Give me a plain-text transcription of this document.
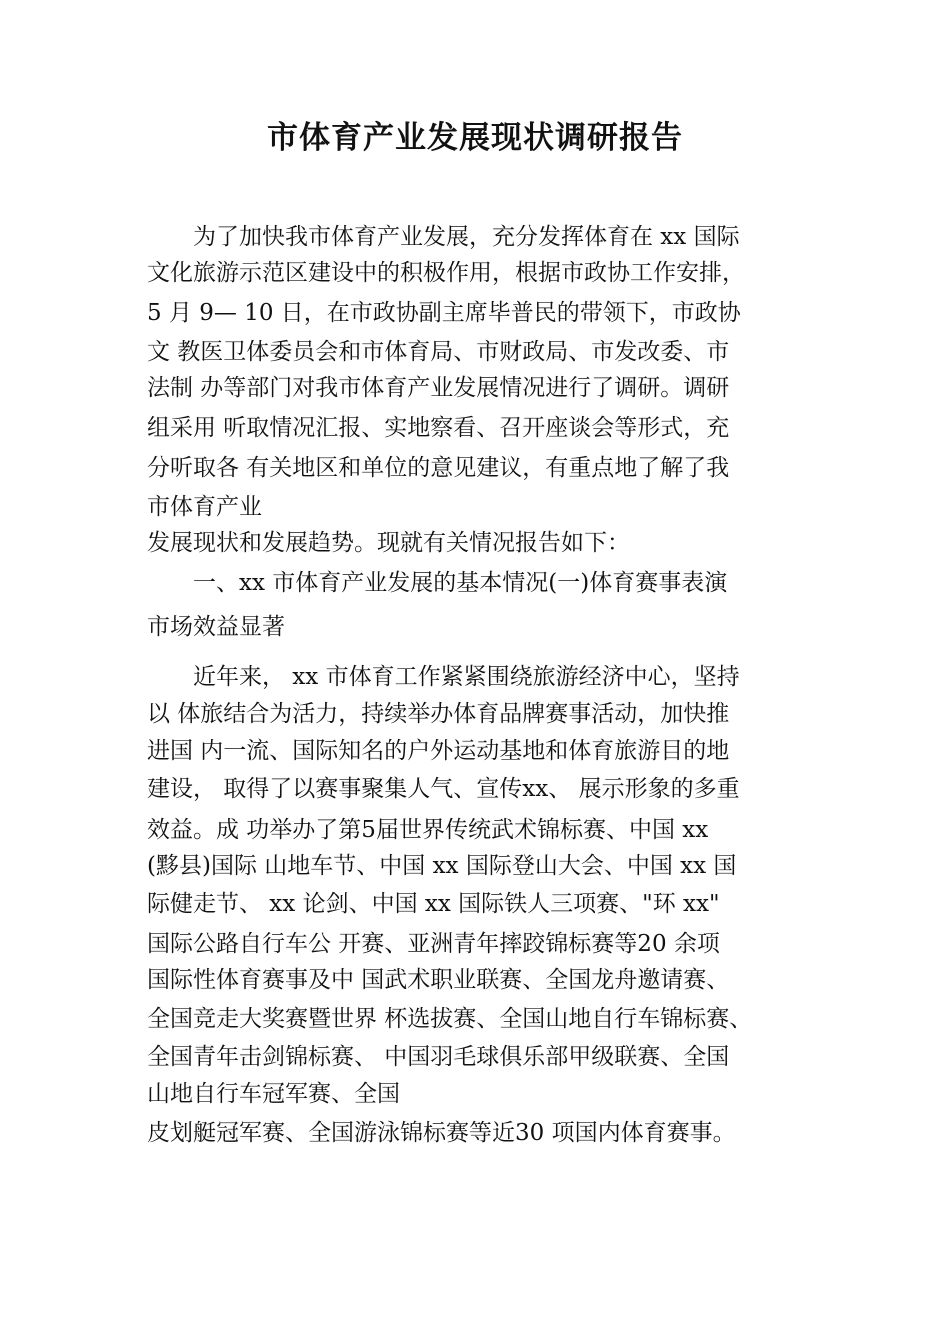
市体育产业发展现状调研报告

为了加快我市体育产业发展，充分发挥体育在 xx 国际

文化旅游示范区建设中的积极作用，根据市政协工作安排，

5 月 9— 10 日，在市政协副主席毕普民的带领下，市政协

文 教医卫体委员会和市体育局、市财政局、市发改委、市

法制 办等部门对我市体育产业发展情况进行了调研。调研

组采用 听取情况汇报、实地察看、召开座谈会等形式，充

分听取各 有关地区和单位的意见建议，有重点地了解了我

市体育产业

发展现状和发展趋势。现就有关情况报告如下：

一、xx 市体育产业发展的基本情况(一)体育赛事表演

市场效益显著

近年来， xx 市体育工作紧紧围绕旅游经济中心，坚持

以 体旅结合为活力，持续举办体育品牌赛事活动，加快推

进国 内一流、国际知名的户外运动基地和体育旅游目的地

建设， 取得了以赛事聚集人气、宣传xx、 展示形象的多重

效益。成 功举办了第5届世界传统武术锦标赛、中国 xx

(黟县)国际 山地车节、中国 xx 国际登山大会、中国 xx 国

际健走节、 xx 论剑、中国 xx 国际铁人三项赛、"环 xx"

国际公路自行车公 开赛、亚洲青年摔跤锦标赛等20 余项

国际性体育赛事及中 国武术职业联赛、全国龙舟邀请赛、

全国竞走大奖赛暨世界 杯选拔赛、全国山地自行车锦标赛、

全国青年击剑锦标赛、 中国羽毛球俱乐部甲级联赛、全国

山地自行车冠军赛、全国

皮划艇冠军赛、全国游泳锦标赛等近30 项国内体育赛事。
